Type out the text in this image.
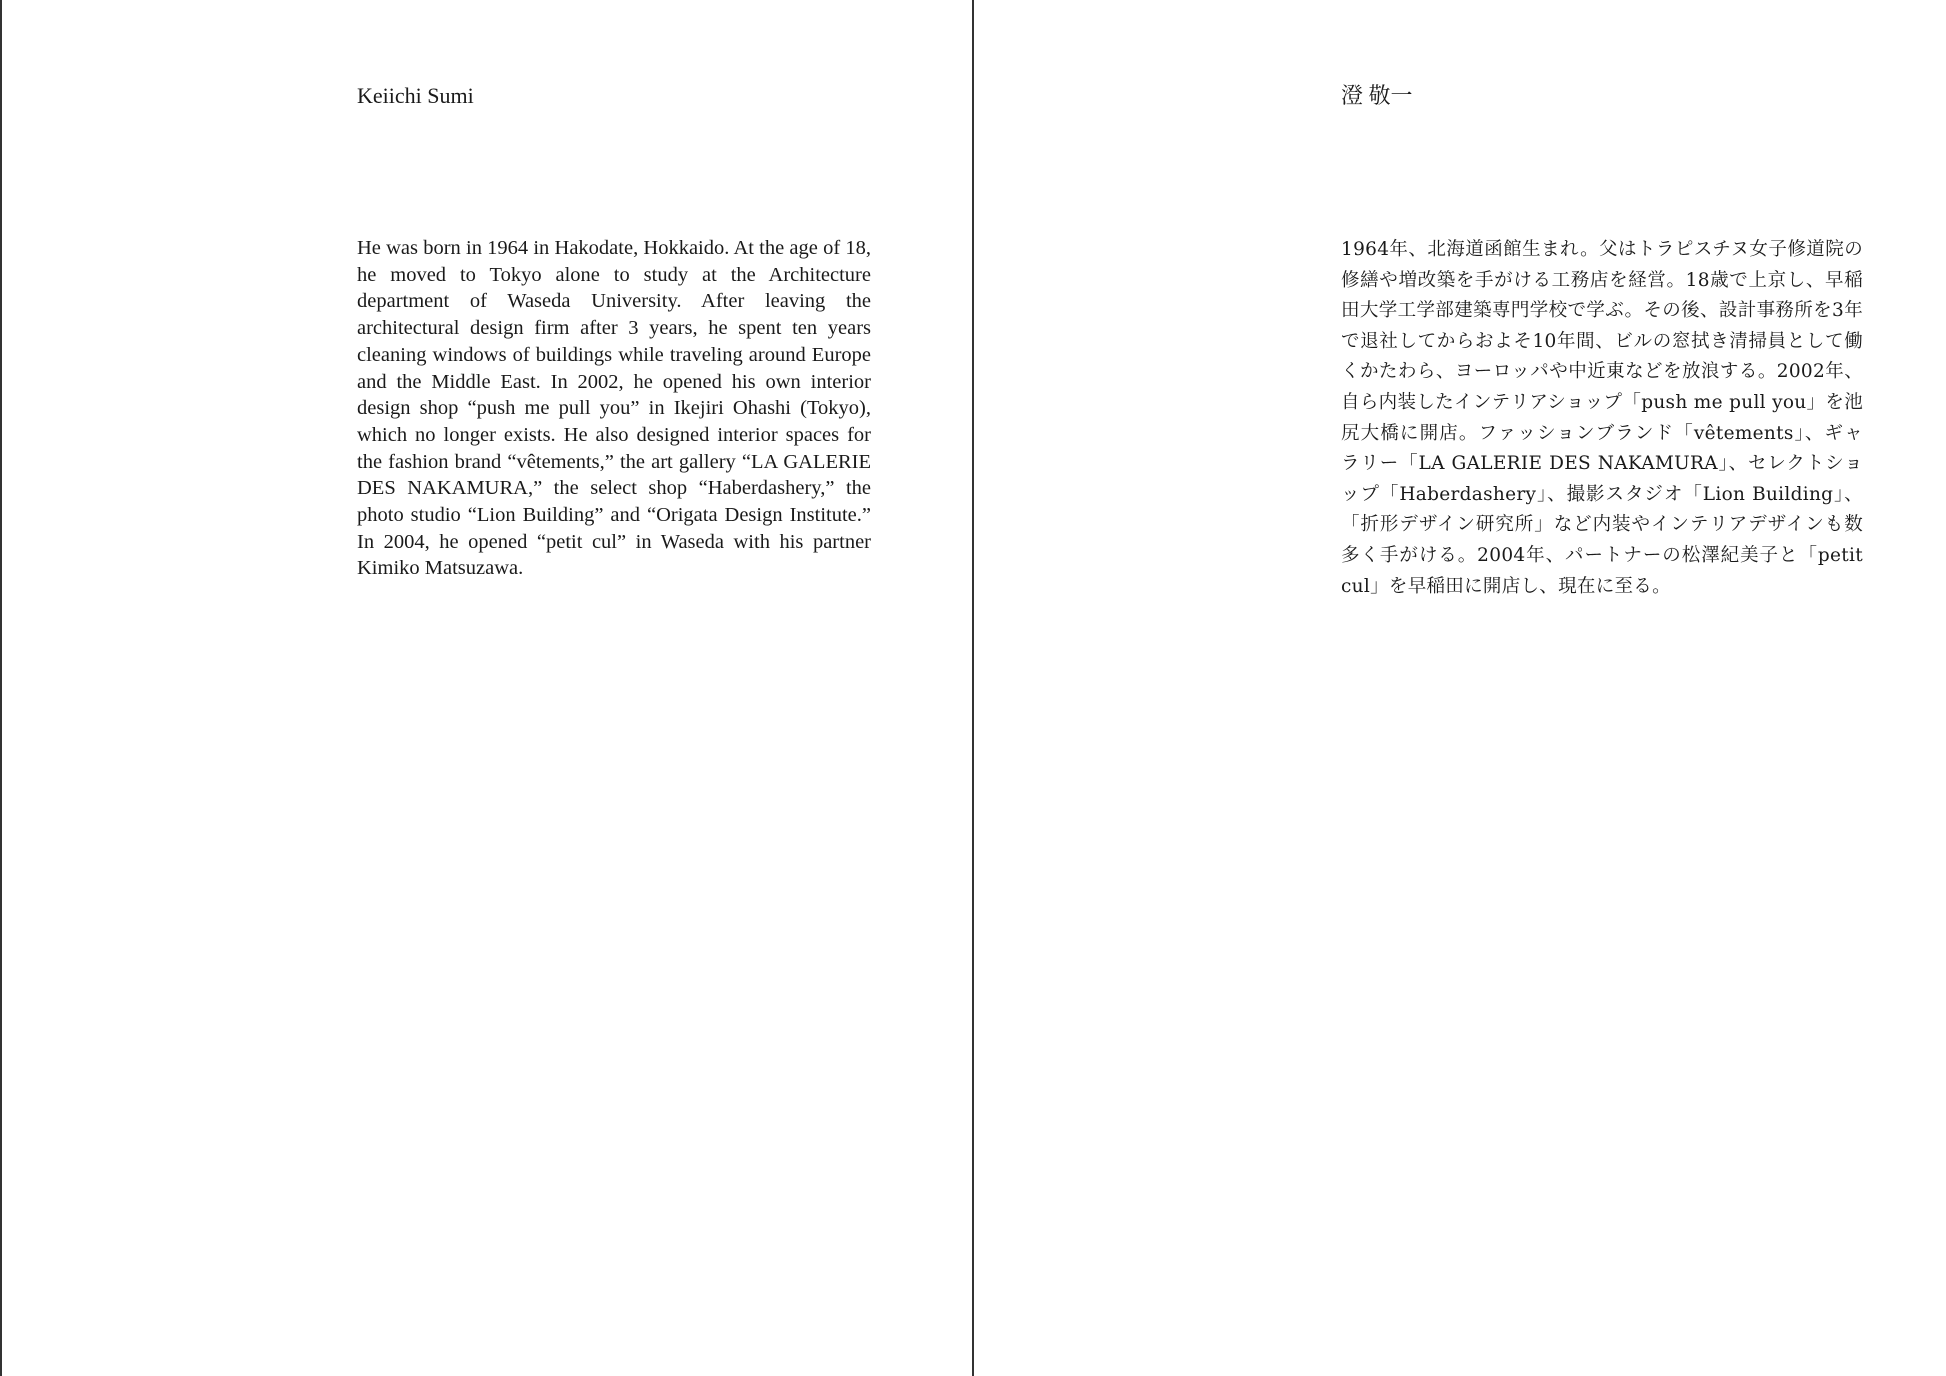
Keiichi Sumi

He was born in 1964 in Hakodate, Hokkaido. At the age of 18, he moved to Tokyo alone to study at the Architecture department of Waseda University. After leaving the architectural design firm after 3 years, he spent ten years cleaning windows of buildings while traveling around Europe and the Middle East. In 2002, he opened his own interior design shop “push me pull you” in Ikejiri Ohashi (Tokyo), which no longer exists. He also designed interior spaces for the fashion brand “vêtements,” the art gallery “LA GALERIE DES NAKAMURA,” the select shop “Haberdashery,” the photo studio “Lion Building” and “Origata Design Institute.” In 2004, he opened “petit cul” in Waseda with his partner Kimiko Matsuzawa.

澄 敬一

1964年、北海道函館生まれ。父はトラピスチヌ女子修道院の修繕や増改築を手がける工務店を経営。18歳で上京し、早稲田大学工学部建築専門学校で学ぶ。その後、設計事務所を3年で退社してからおよそ10年間、ビルの窓拭き清掃員として働くかたわら、ヨーロッパや中近東などを放浪する。2002年、自ら内装したインテリアショップ「push me pull you」を池尻大橋に開店。ファッションブランド「vêtements」、ギャラリー「LA GALERIE DES NAKAMURA」、セレクトショップ「Haberdashery」、撮影スタジオ「Lion Building」、「折形デザイン研究所」など内装やインテリアデザインも数多く手がける。2004年、パートナーの松澤紀美子と「petit cul」を早稲田に開店し、現在に至る。
